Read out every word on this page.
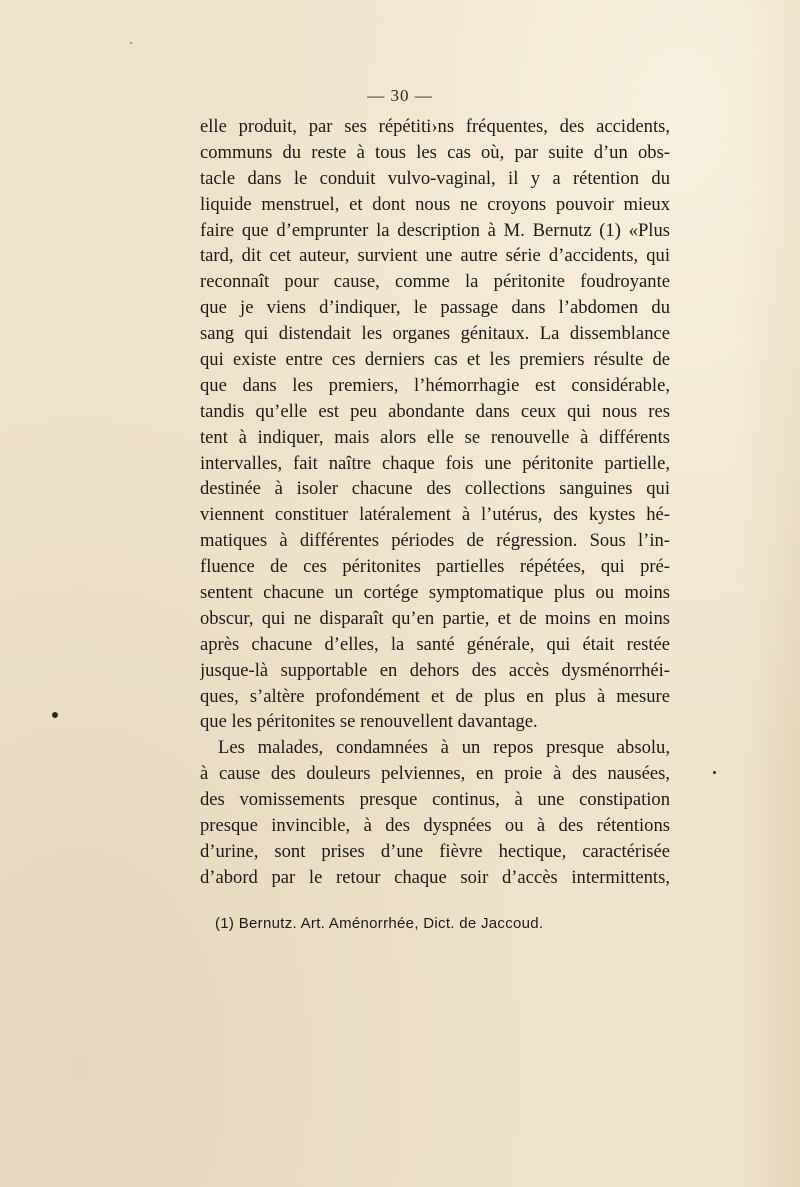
— 30 —
elle produit, par ses répétiti›ns fréquentes, des accidents,
communs du reste à tous les cas où, par suite d’un obs-
tacle dans le conduit vulvo-vaginal, il y a rétention du
liquide menstruel, et dont nous ne croyons pouvoir mieux
faire que d’emprunter la description à M. Bernutz (1) «Plus
tard, dit cet auteur, survient une autre série d’accidents, qui
reconnaît pour cause, comme la péritonite foudroyante
que je viens d’indiquer, le passage dans l’abdomen du
sang qui distendait les organes génitaux. La dissemblance
qui existe entre ces derniers cas et les premiers résulte de
que dans les premiers, l’hémorrhagie est considérable,
tandis qu’elle est peu abondante dans ceux qui nous res
tent à indiquer, mais alors elle se renouvelle à différents
intervalles, fait naître chaque fois une péritonite partielle,
destinée à isoler chacune des collections sanguines qui
viennent constituer latéralement à l’utérus, des kystes hé-
matiques à différentes périodes de régression. Sous l’in-
fluence de ces péritonites partielles répétées, qui pré-
sentent chacune un cortége symptomatique plus ou moins
obscur, qui ne disparaît qu’en partie, et de moins en moins
après chacune d’elles, la santé générale, qui était restée
jusque-là supportable en dehors des accès dysménorrhéi-
ques, s’altère profondément et de plus en plus à mesure
que les péritonites se renouvellent davantage.
Les malades, condamnées à un repos presque absolu,
à cause des douleurs pelviennes, en proie à des nausées,
des vomissements presque continus, à une constipation
presque invincible, à des dyspnées ou à des rétentions
d’urine, sont prises d’une fièvre hectique, caractérisée
d’abord par le retour chaque soir d’accès intermittents,
(1) Bernutz. Art. Aménorrhée, Dict. de Jaccoud.
